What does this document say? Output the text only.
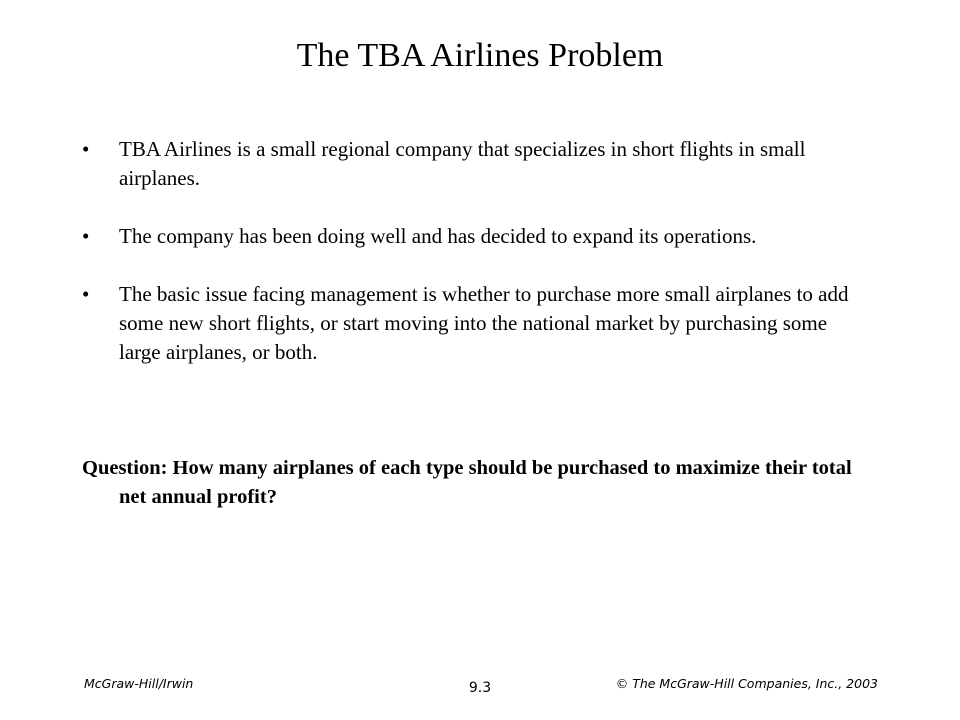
The TBA Airlines Problem
•	TBA Airlines is a small regional company that specializes in short flights in small airplanes.
•	The company has been doing well and has decided to expand its operations.
•	The basic issue facing management is whether to purchase more small airplanes to add some new short flights, or start moving into the national market by purchasing some large airplanes, or both.
Question: How many airplanes of each type should be purchased to maximize their total net annual profit?
McGraw-Hill/Irwin	9.3	© The McGraw-Hill Companies, Inc., 2003
